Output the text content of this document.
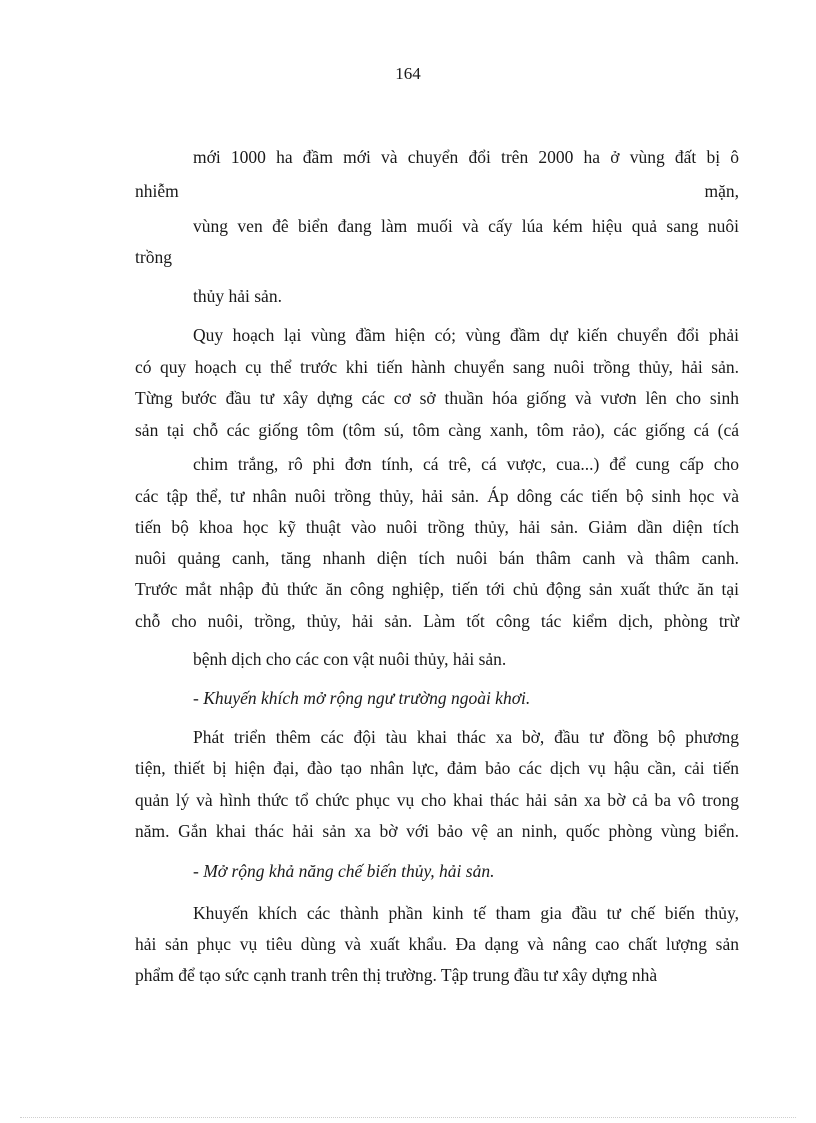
164
mới 1000 ha đầm mới và chuyển đổi trên 2000 ha ở vùng đất bị ô
nhiễm	mặn,
vùng ven đê biển đang làm muối và cấy lúa kém hiệu quả sang nuôi
trồng
thủy hải sản.
Quy hoạch lại vùng đầm hiện có; vùng đầm dự kiến chuyển đổi phải
có quy hoạch cụ thể trước khi tiến hành chuyển sang nuôi trồng thủy, hải sản.
Từng bước đầu tư xây dựng các cơ sở thuần hóa giống và vươn lên cho sinh
sản tại chỗ các giống tôm (tôm sú, tôm càng xanh, tôm rảo), các giống cá (cá
chim trắng, rô phi đơn tính, cá trê, cá vược, cua...) để cung cấp cho
các tập thể, tư nhân nuôi trồng thủy, hải sản. Áp dông các tiến bộ sinh học và
tiến bộ khoa học kỹ thuật vào nuôi trồng thủy, hải sản. Giảm dần diện tích
nuôi quảng canh, tăng nhanh diện tích nuôi bán thâm canh và thâm canh.
Trước mắt nhập đủ thức ăn công nghiệp, tiến tới chủ động sản xuất thức ăn tại
chỗ cho nuôi, trồng, thủy, hải sản. Làm tốt công tác kiểm dịch, phòng trừ
bệnh dịch cho các con vật nuôi thủy, hải sản.
- Khuyến khích mở rộng ngư trường ngoài khơi.
Phát triển thêm các đội tàu khai thác xa bờ, đầu tư đồng bộ phương
tiện, thiết bị hiện đại, đào tạo nhân lực, đảm bảo các dịch vụ hậu cần, cải tiến
quản lý và hình thức tổ chức phục vụ cho khai thác hải sản xa bờ cả ba vô trong
năm. Gắn khai thác hải sản xa bờ với bảo vệ an ninh, quốc phòng vùng biển.
- Mở rộng khả năng chế biến thủy, hải sản.
Khuyến khích các thành phần kinh tế tham gia đầu tư chế biến thủy,
hải sản phục vụ tiêu dùng và xuất khẩu. Đa dạng và nâng cao chất lượng sản
phẩm để tạo sức cạnh tranh trên thị trường. Tập trung đầu tư xây dựng nhà
